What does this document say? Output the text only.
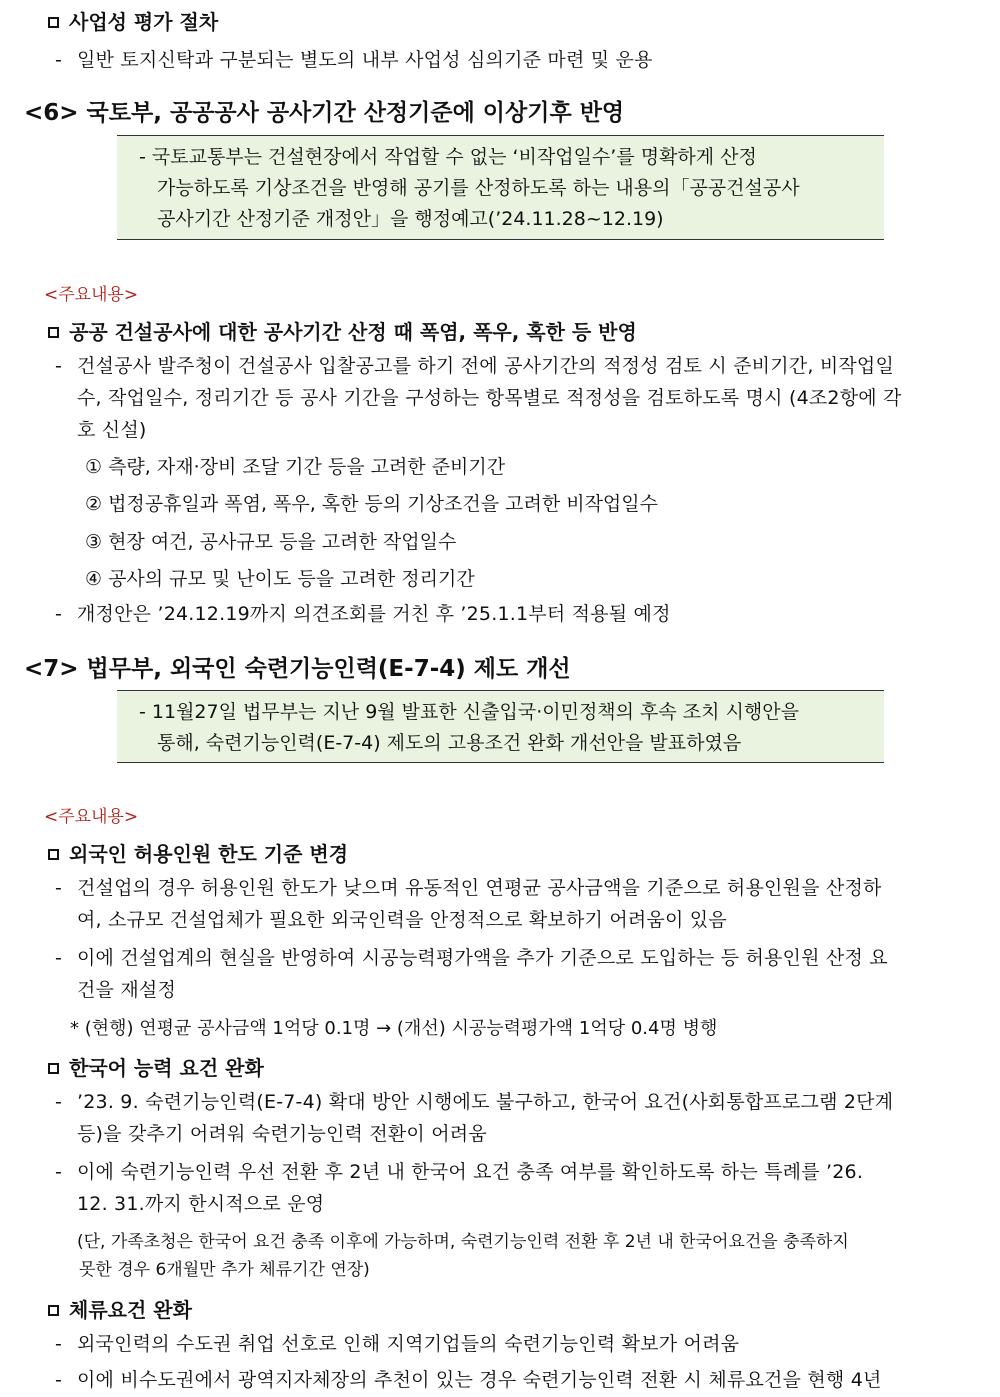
사업성 평가 절차
- 일반 토지신탁과 구분되는 별도의 내부 사업성 심의기준 마련 및 운용
<6> 국토부, 공공공사 공사기간 산정기준에 이상기후 반영
- 국토교통부는 건설현장에서 작업할 수 없는 ‘비작업일수’를 명확하게 산정
가능하도록 기상조건을 반영해 공기를 산정하도록 하는 내용의「공공건설공사
공사기간 산정기준 개정안」을 행정예고(’24.11.28~12.19)
<주요내용>
공공 건설공사에 대한 공사기간 산정 때 폭염, 폭우, 혹한 등 반영
- 건설공사 발주청이 건설공사 입찰공고를 하기 전에 공사기간의 적정성 검토 시 준비기간, 비작업일
수, 작업일수, 정리기간 등 공사 기간을 구성하는 항목별로 적정성을 검토하도록 명시 (4조2항에 각
호 신설)
① 측량, 자재·장비 조달 기간 등을 고려한 준비기간
② 법정공휴일과 폭염, 폭우, 혹한 등의 기상조건을 고려한 비작업일수
③ 현장 여건, 공사규모 등을 고려한 작업일수
④ 공사의 규모 및 난이도 등을 고려한 정리기간
- 개정안은 ’24.12.19까지 의견조회를 거친 후 ’25.1.1부터 적용될 예정
<7> 법무부, 외국인 숙련기능인력(E-7-4) 제도 개선
- 11월27일 법무부는 지난 9월 발표한 신출입국·이민정책의 후속 조치 시행안을
통해, 숙련기능인력(E-7-4) 제도의 고용조건 완화 개선안을 발표하였음
<주요내용>
외국인 허용인원 한도 기준 변경
- 건설업의 경우 허용인원 한도가 낮으며 유동적인 연평균 공사금액을 기준으로 허용인원을 산정하
여, 소규모 건설업체가 필요한 외국인력을 안정적으로 확보하기 어려움이 있음
- 이에 건설업계의 현실을 반영하여 시공능력평가액을 추가 기준으로 도입하는 등 허용인원 산정 요
건을 재설정
* (현행) 연평균 공사금액 1억당 0.1명 → (개선) 시공능력평가액 1억당 0.4명 병행
한국어 능력 요건 완화
- ’23. 9. 숙련기능인력(E-7-4) 확대 방안 시행에도 불구하고, 한국어 요건(사회통합프로그램 2단계
등)을 갖추기 어려워 숙련기능인력 전환이 어려움
- 이에 숙련기능인력 우선 전환 후 2년 내 한국어 요건 충족 여부를 확인하도록 하는 특례를 ’26.
12. 31.까지 한시적으로 운영
(단, 가족초청은 한국어 요건 충족 이후에 가능하며, 숙련기능인력 전환 후 2년 내 한국어요건을 충족하지
못한 경우 6개월만 추가 체류기간 연장)
체류요건 완화
- 외국인력의 수도권 취업 선호로 인해 지역기업들의 숙련기능인력 확보가 어려움
- 이에 비수도권에서 광역지자체장의 추천이 있는 경우 숙련기능인력 전환 시 체류요건을 현행 4년
